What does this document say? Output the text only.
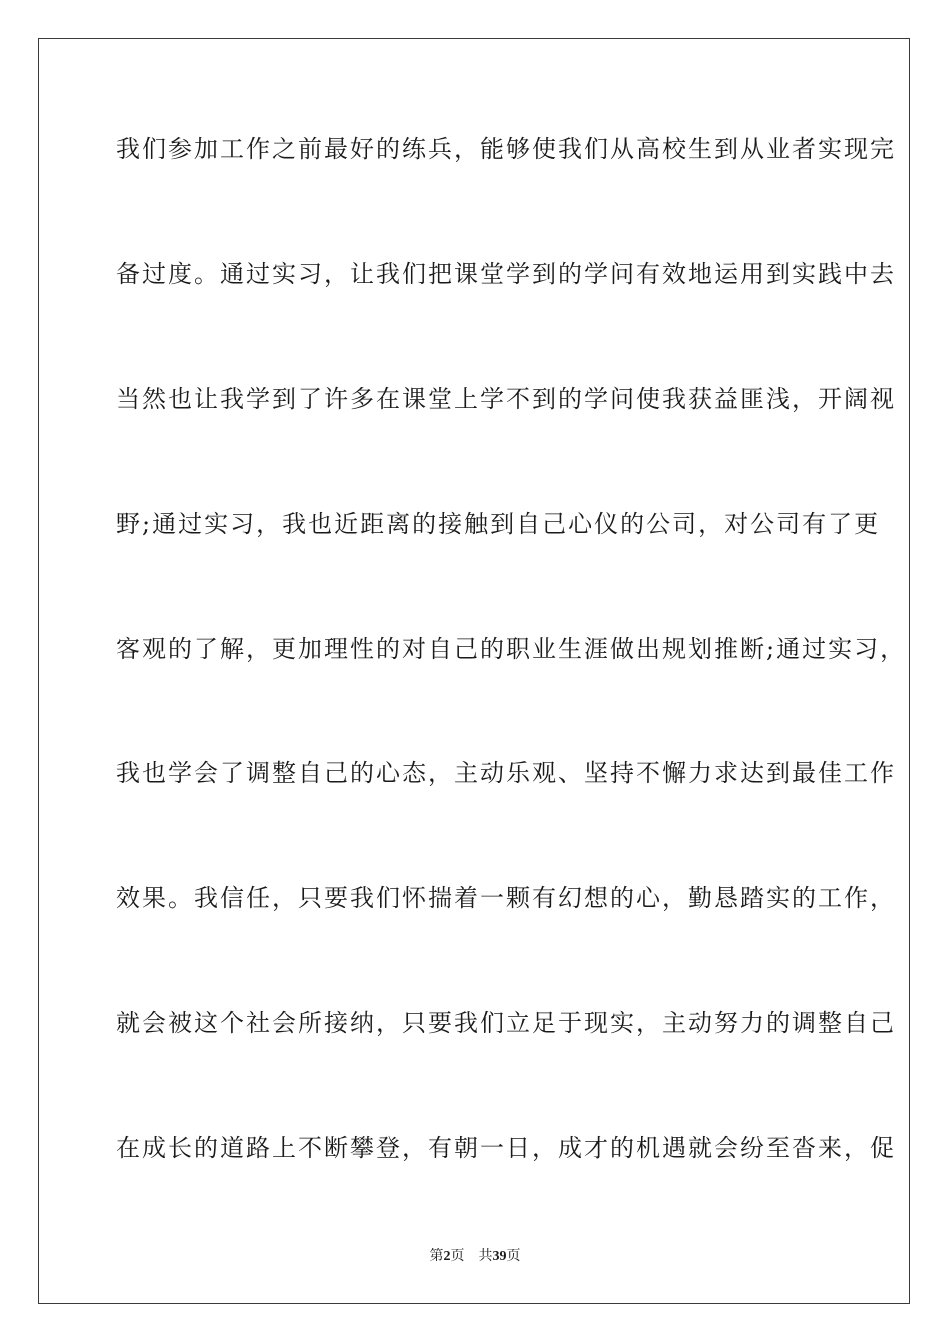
我们参加工作之前最好的练兵，能够使我们从高校生到从业者实现完
备过度。通过实习，让我们把课堂学到的学问有效地运用到实践中去
当然也让我学到了许多在课堂上学不到的学问使我获益匪浅，开阔视
野;通过实习，我也近距离的接触到自己心仪的公司，对公司有了更
客观的了解，更加理性的对自己的职业生涯做出规划推断;通过实习，
我也学会了调整自己的心态，主动乐观、坚持不懈力求达到最佳工作
效果。我信任，只要我们怀揣着一颗有幻想的心，勤恳踏实的工作，
就会被这个社会所接纳，只要我们立足于现实，主动努力的调整自己
在成长的道路上不断攀登，有朝一日，成才的机遇就会纷至沓来，促
第2页 共39页
